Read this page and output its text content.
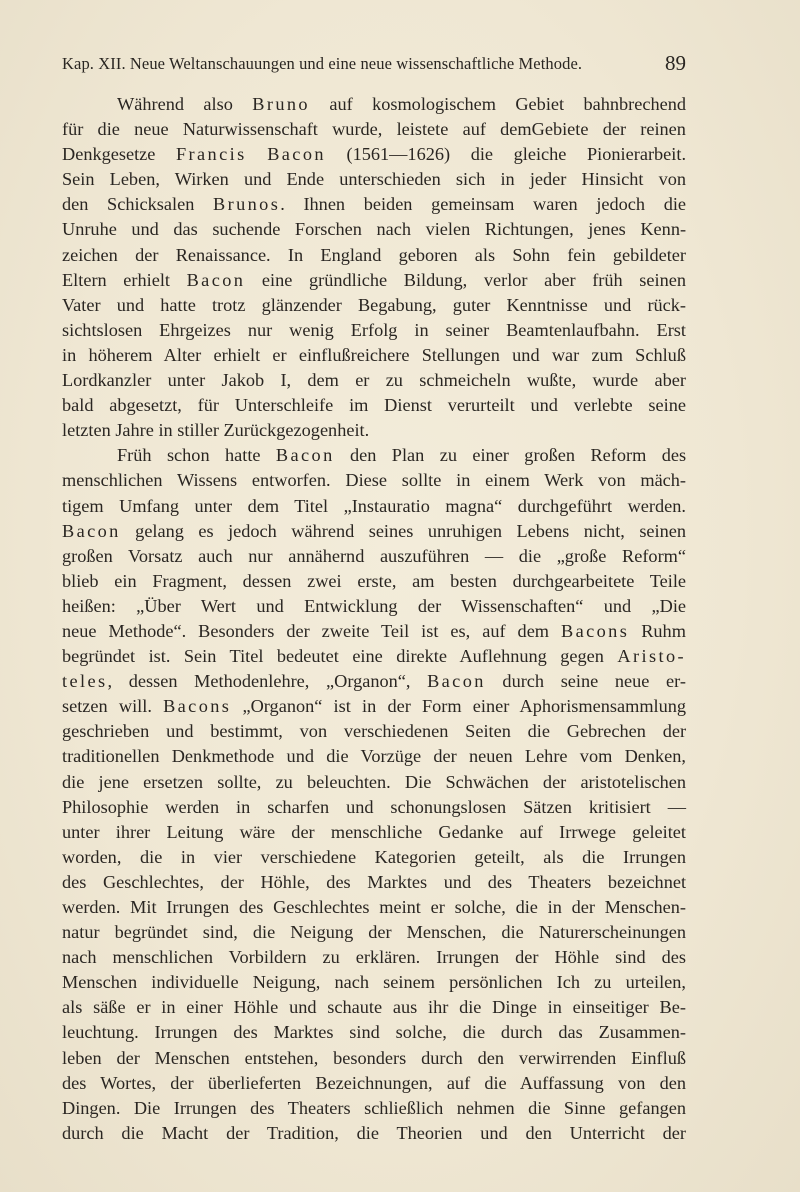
Kap. XII. Neue Weltanschauungen und eine neue wissenschaftliche Methode.	89
Während also Bruno auf kosmologischem Gebiet bahnbrechend
für die neue Naturwissenschaft wurde, leistete auf demGebiete der reinen
Denkgesetze Francis Bacon (1561—1626) die gleiche Pionierarbeit.
Sein Leben, Wirken und Ende unterschieden sich in jeder Hinsicht von
den Schicksalen Brunos. Ihnen beiden gemeinsam waren jedoch die
Unruhe und das suchende Forschen nach vielen Richtungen, jenes Kenn-
zeichen der Renaissance. In England geboren als Sohn fein gebildeter
Eltern erhielt Bacon eine gründliche Bildung, verlor aber früh seinen
Vater und hatte trotz glänzender Begabung, guter Kenntnisse und rück-
sichtslosen Ehrgeizes nur wenig Erfolg in seiner Beamtenlaufbahn. Erst
in höherem Alter erhielt er einflußreichere Stellungen und war zum Schluß
Lordkanzler unter Jakob I, dem er zu schmeicheln wußte, wurde aber
bald abgesetzt, für Unterschleife im Dienst verurteilt und verlebte seine
letzten Jahre in stiller Zurückgezogenheit.
Früh schon hatte Bacon den Plan zu einer großen Reform des
menschlichen Wissens entworfen. Diese sollte in einem Werk von mäch-
tigem Umfang unter dem Titel „Instauratio magna“ durchgeführt werden.
Bacon gelang es jedoch während seines unruhigen Lebens nicht, seinen
großen Vorsatz auch nur annähernd auszuführen — die „große Reform“
blieb ein Fragment, dessen zwei erste, am besten durchgearbeitete Teile
heißen: „Über Wert und Entwicklung der Wissenschaften“ und „Die
neue Methode“. Besonders der zweite Teil ist es, auf dem Bacons Ruhm
begründet ist. Sein Titel bedeutet eine direkte Auflehnung gegen Aristo-
teles, dessen Methodenlehre, „Organon“, Bacon durch seine neue er-
setzen will. Bacons „Organon“ ist in der Form einer Aphorismensammlung
geschrieben und bestimmt, von verschiedenen Seiten die Gebrechen der
traditionellen Denkmethode und die Vorzüge der neuen Lehre vom Denken,
die jene ersetzen sollte, zu beleuchten. Die Schwächen der aristotelischen
Philosophie werden in scharfen und schonungslosen Sätzen kritisiert —
unter ihrer Leitung wäre der menschliche Gedanke auf Irrwege geleitet
worden, die in vier verschiedene Kategorien geteilt, als die Irrungen
des Geschlechtes, der Höhle, des Marktes und des Theaters bezeichnet
werden. Mit Irrungen des Geschlechtes meint er solche, die in der Menschen-
natur begründet sind, die Neigung der Menschen, die Naturerscheinungen
nach menschlichen Vorbildern zu erklären. Irrungen der Höhle sind des
Menschen individuelle Neigung, nach seinem persönlichen Ich zu urteilen,
als säße er in einer Höhle und schaute aus ihr die Dinge in einseitiger Be-
leuchtung. Irrungen des Marktes sind solche, die durch das Zusammen-
leben der Menschen entstehen, besonders durch den verwirrenden Einfluß
des Wortes, der überlieferten Bezeichnungen, auf die Auffassung von den
Dingen. Die Irrungen des Theaters schließlich nehmen die Sinne gefangen
durch die Macht der Tradition, die Theorien und den Unterricht der
